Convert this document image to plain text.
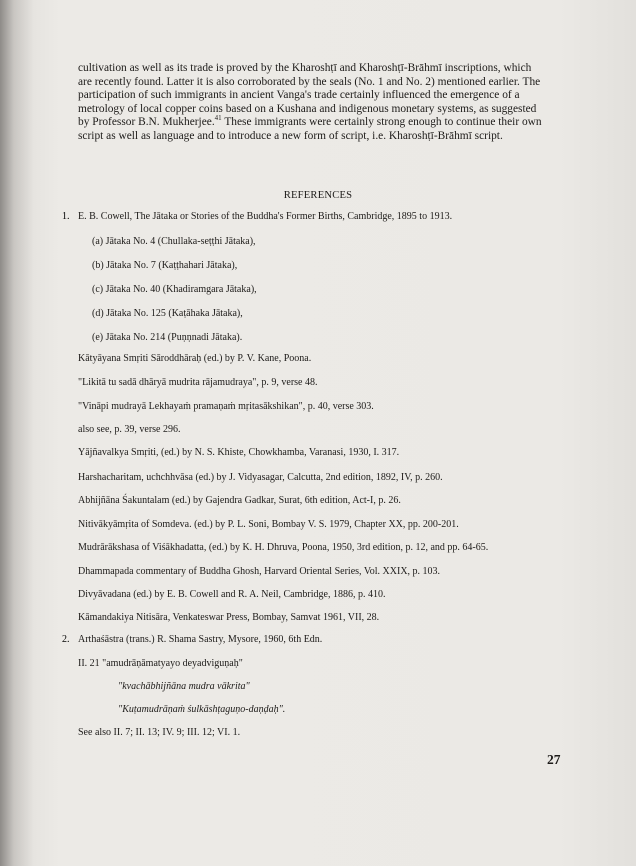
cultivation as well as its trade is proved by the Kharoshṭī and Kharoshṭī-Brāhmī inscriptions, which
are recently found. Latter it is also corroborated by the seals (No. 1 and No. 2) mentioned earlier. The
participation of such immigrants in ancient Vanga's trade certainly influenced the emergence of a
metrology of local copper coins based on a Kushana and indigenous monetary systems, as suggested
by Professor B.N. Mukherjee.$^{41}$ These immigrants were certainly strong enough to continue their own
script as well as language and to introduce a new form of script, i.e. Kharoshṭī-Brāhmī script.
REFERENCES
1. E. B. Cowell, The Jātaka or Stories of the Buddha's Former Births, Cambridge, 1895 to 1913.
(a) Jātaka No. 4 (Chullaka-seṭṭhi Jātaka),
(b) Jātaka No. 7 (Kaṭṭhahari Jātaka),
(c) Jātaka No. 40 (Khadiramgara Jātaka),
(d) Jātaka No. 125 (Kaṭāhaka Jātaka),
(e) Jātaka No. 214 (Puṇṇnadi Jātaka).
Kātyāyana Smṛiti Sāroddhāraḥ (ed.) by P. V. Kane, Poona.
"Likitā tu sadā dhāryā mudrita rājamudraya", p. 9, verse 48.
"Vināpi mudrayā Lekhayaṁ pramaṇaṁ mṛitasākshikan", p. 40, verse 303.
also see, p. 39, verse 296.
Yājñavalkya Smṛiti, (ed.) by N. S. Khiste, Chowkhamba, Varanasi, 1930, I. 317.
Harshacharitam, uchchhvāsa (ed.) by J. Vidyasagar, Calcutta, 2nd edition, 1892, IV, p. 260.
Abhijñāna Śakuntalam (ed.) by Gajendra Gadkar, Surat, 6th edition, Act-I, p. 26.
Nitivākyāmṛita of Somdeva. (ed.) by P. L. Soni, Bombay V. S. 1979, Chapter XX, pp. 200-201.
Mudrārākshasa of Viśākhadatta, (ed.) by K. H. Dhruva, Poona, 1950, 3rd edition, p. 12, and pp. 64-65.
Dhammapada commentary of Buddha Ghosh, Harvard Oriental Series, Vol. XXIX, p. 103.
Divyāvadana (ed.) by E. B. Cowell and R. A. Neil, Cambridge, 1886, p. 410.
Kāmandakiya Nitisāra, Venkateswar Press, Bombay, Samvat 1961, VII, 28.
2. Arthaśāstra (trans.) R. Shama Sastry, Mysore, 1960, 6th Edn.
II. 21 "amudrāṇāmatyayo deyadviguṇaḥ"
"kvachābhijñāna mudra vākrita"
"Kuṭamudrāṇaṁ śulkāshṭaguṇo-daṇḍaḥ".
See also II. 7; II. 13; IV. 9; III. 12; VI. 1.
27
